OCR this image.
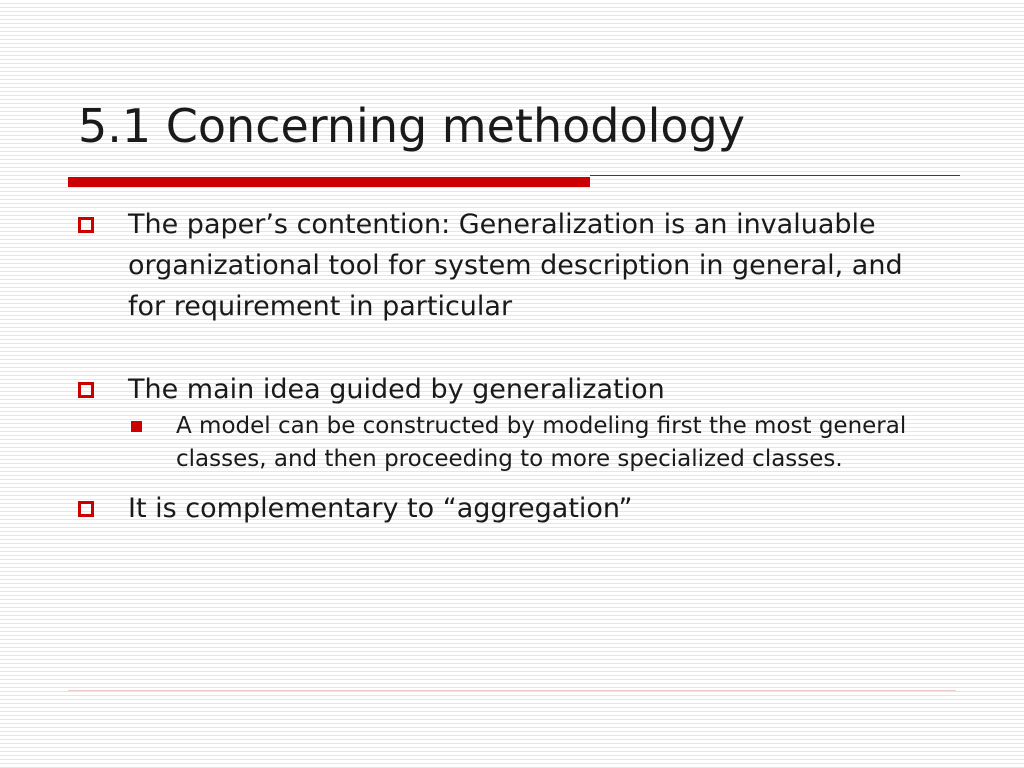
5.1 Concerning methodology
The paper’s contention: Generalization is an invaluable organizational tool for system description in general, and for requirement in particular
The main idea guided by generalization
A model can be constructed by modeling first the most general classes, and then proceeding to more specialized classes.
It is complementary to “aggregation”
